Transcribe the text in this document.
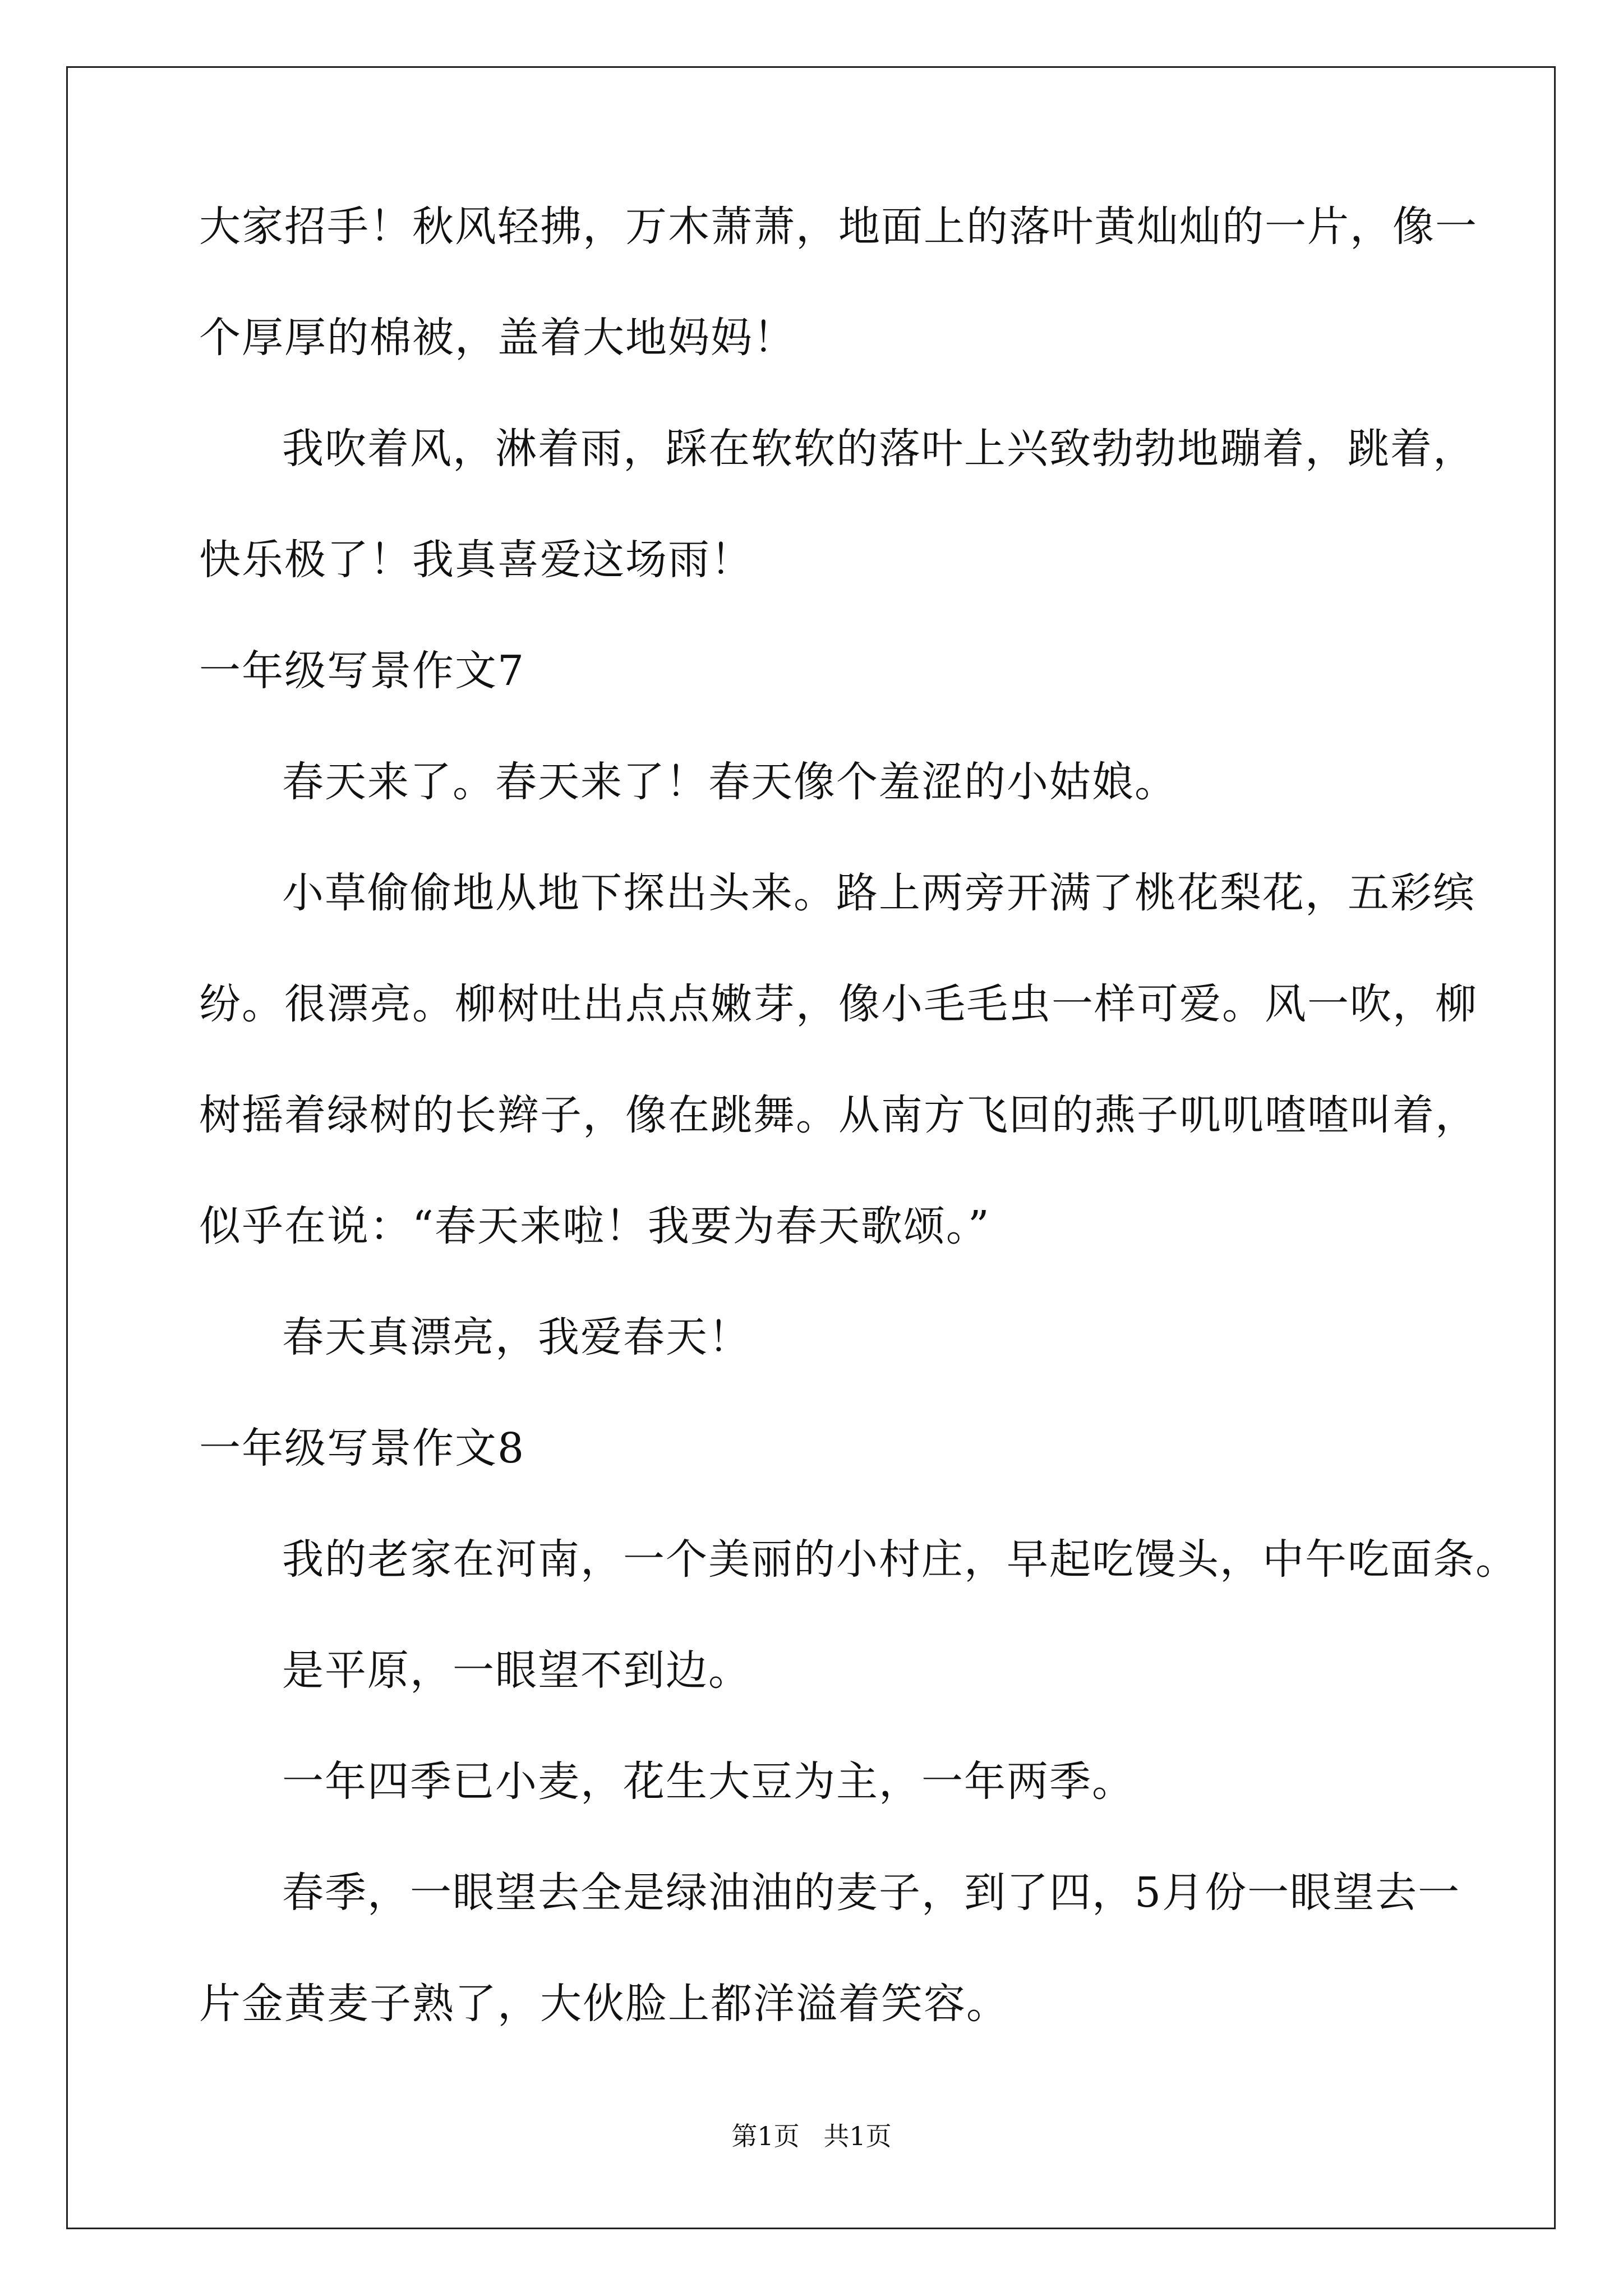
大家招手！秋风轻拂，万木萧萧，地面上的落叶黄灿灿的一片，像一
个厚厚的棉被，盖着大地妈妈！
我吹着风，淋着雨，踩在软软的落叶上兴致勃勃地蹦着，跳着，
快乐极了！我真喜爱这场雨！
一年级写景作文7
春天来了。春天来了！春天像个羞涩的小姑娘。
小草偷偷地从地下探出头来。路上两旁开满了桃花梨花，五彩缤
纷。很漂亮。柳树吐出点点嫩芽，像小毛毛虫一样可爱。风一吹，柳
树摇着绿树的长辫子，像在跳舞。从南方飞回的燕子叽叽喳喳叫着，
似乎在说：“春天来啦！我要为春天歌颂。”
春天真漂亮，我爱春天！
一年级写景作文8
我的老家在河南，一个美丽的小村庄，早起吃馒头，中午吃面条。
是平原，一眼望不到边。
一年四季已小麦，花生大豆为主，一年两季。
春季，一眼望去全是绿油油的麦子，到了四，5月份一眼望去一
片金黄麦子熟了，大伙脸上都洋溢着笑容。
第1页 共1页
